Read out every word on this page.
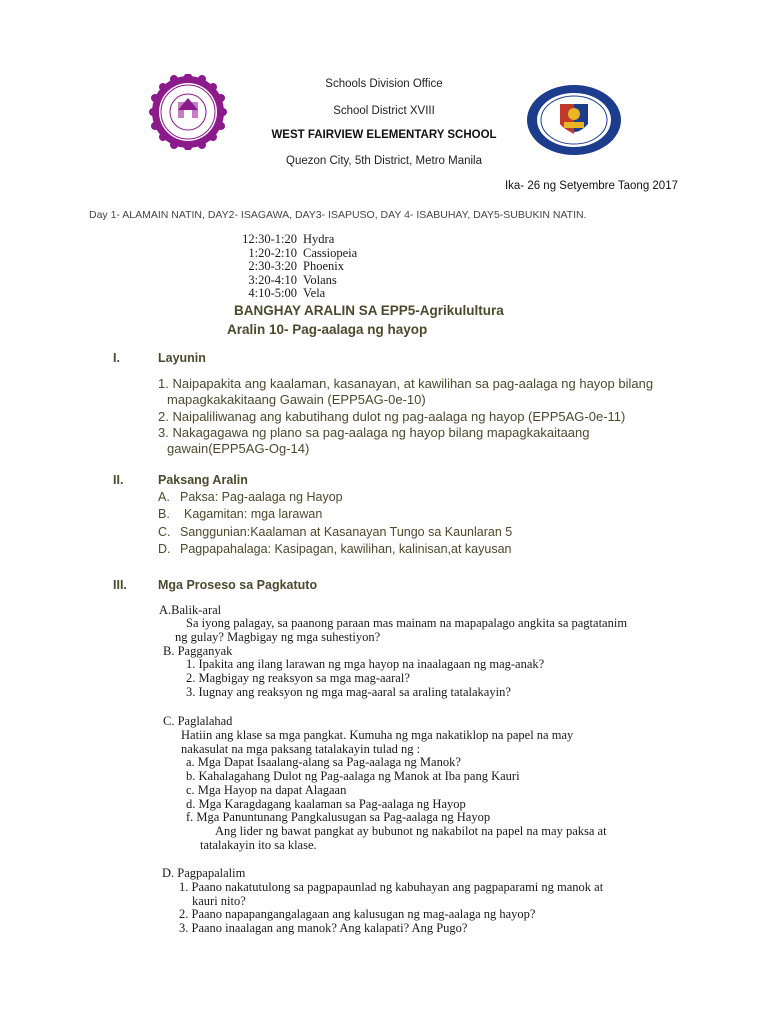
Schools Division Office
School District XVIII
WEST FAIRVIEW ELEMENTARY SCHOOL
Quezon City, 5th District, Metro Manila
Ika- 26 ng Setyembre Taong 2017
Day 1- ALAMAIN NATIN, DAY2- ISAGAWA, DAY3- ISAPUSO, DAY 4- ISABUHAY, DAY5-SUBUKIN NATIN.
12:30-1:20 Hydra
1:20-2:10 Cassiopeia
2:30-3:20 Phoenix
3:20-4:10 Volans
4:10-5:00 Vela
BANGHAY ARALIN SA EPP5-Agrikulultura
Aralin 10- Pag-aalaga ng hayop
I.	Layunin
1. Naipapakita ang kaalaman, kasanayan, at kawilihan sa pag-aalaga ng hayop bilang
mapagkakakitaang Gawain (EPP5AG-0e-10)
2. Naipaliliwanag ang kabutihang dulot ng pag-aalaga ng hayop (EPP5AG-0e-11)
3. Nakagagawa ng plano sa pag-aalaga ng hayop bilang mapagkakaitaang
gawain(EPP5AG-Og-14)
II.	Paksang Aralin
A. Paksa: Pag-aalaga ng Hayop
B. Kagamitan: mga larawan
C. Sanggunian:Kaalaman at Kasanayan Tungo sa Kaunlaran 5
D. Pagpapahalaga: Kasipagan, kawilihan, kalinisan,at kayusan
III. Mga Proseso sa Pagkatuto
A.Balik-aral
Sa iyong palagay, sa paanong paraan mas mainam na mapapalago angkita sa pagtatanim
ng gulay? Magbigay ng mga suhestiyon?
B. Pagganyak
1. Ipakita ang ilang larawan ng mga hayop na inaalagaan ng mag-anak?
2. Magbigay ng reaksyon sa mga mag-aaral?
3. Iugnay ang reaksyon ng mga mag-aaral sa araling tatalakayin?
C. Paglalahad
Hatiin ang klase sa mga pangkat. Kumuha ng mga nakatiklop na papel na may
nakasulat na mga paksang tatalakayin tulad ng :
a. Mga Dapat Isaalang-alang sa Pag-aalaga ng Manok?
b. Kahalagahang Dulot ng Pag-aalaga ng Manok at Iba pang Kauri
c. Mga Hayop na dapat Alagaan
d. Mga Karagdagang kaalaman sa Pag-aalaga ng Hayop
f. Mga Panuntunang Pangkalusugan sa Pag-aalaga ng Hayop
Ang lider ng bawat pangkat ay bubunot ng nakabilot na papel na may paksa at
tatalakayin ito sa klase.
D. Pagpapalalim
1. Paano nakatutulong sa pagpapaunlad ng kabuhayan ang pagpaparami ng manok at
kauri nito?
2. Paano napapangangalagaan ang kalusugan ng mag-aalaga ng hayop?
3. Paano inaalagan ang manok? Ang kalapati? Ang Pugo?
